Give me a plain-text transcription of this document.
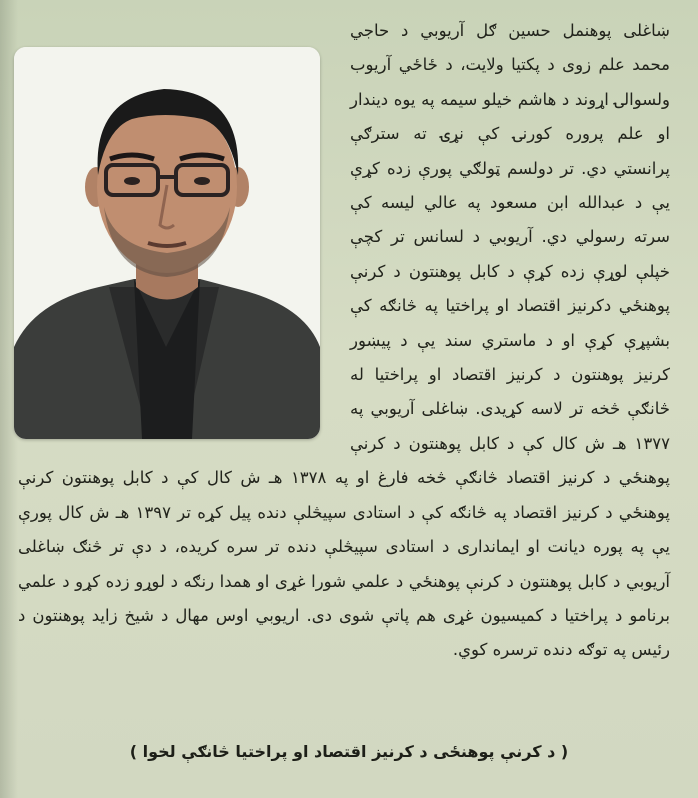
ښاغلی پوهنمل حسین ګل آریوبي د حاجي محمد علم زوی د پکتیا ولایت، د ځاځي آریوب ولسوالۍ اړوند د هاشم خیلو سیمه په یوه دیندار او علم پروره کورنۍ کې نړۍ ته سترګې پرانستي دي. تر دولسم ټولګي پورې زده کړې یې د عبدالله ابن مسعود په عالي لیسه کې سرته رسولي دي. آریوبي د لسانس تر کچې خپلې لوړې زده کړې د کابل پوهنتون د کرنې پوهنځي دکرنیز اقتصاد او پراختیا په څانګه کې بشپړې کړې او د ماستري سند یې د پیښور کرنیز پوهنتون د کرنیز اقتصاد او پراختیا له څانګې څخه تر لاسه کړیدی. ښاغلی آریوبي په ۱۳۷۷ هـ ش کال کې د کابل پوهنتون د کرنې پوهنځي د کرنیز اقتصاد څانګې څخه فارغ او په ۱۳۷۸ هـ ش کال کې د کابل پوهنتون کرنې پوهنځي د کرنیز اقتصاد په څانګه کې د استادی سپیڅلې دنده پیل کړه تر ۱۳۹۷ هـ ش کال پورې یې په پوره دیانت او ایمانداری د استادی سپیڅلې دنده تر سره کریده، د دې تر څنګ ښاغلی آریوبي د کابل پوهنتون د کرنې پوهنځي د علمي شورا غړی او همدا رنګه د لوړو زده کړو د علمي برنامو د پراختیا د کمیسیون غړی هم پاتې شوی دی. اریوبي اوس مهال د شیخ زاید پوهنتون د رئیس په توګه دنده ترسره کوي.

( د کرنې پوهنځی د کرنیز اقتصاد او پراختیا څانګې لخوا )
